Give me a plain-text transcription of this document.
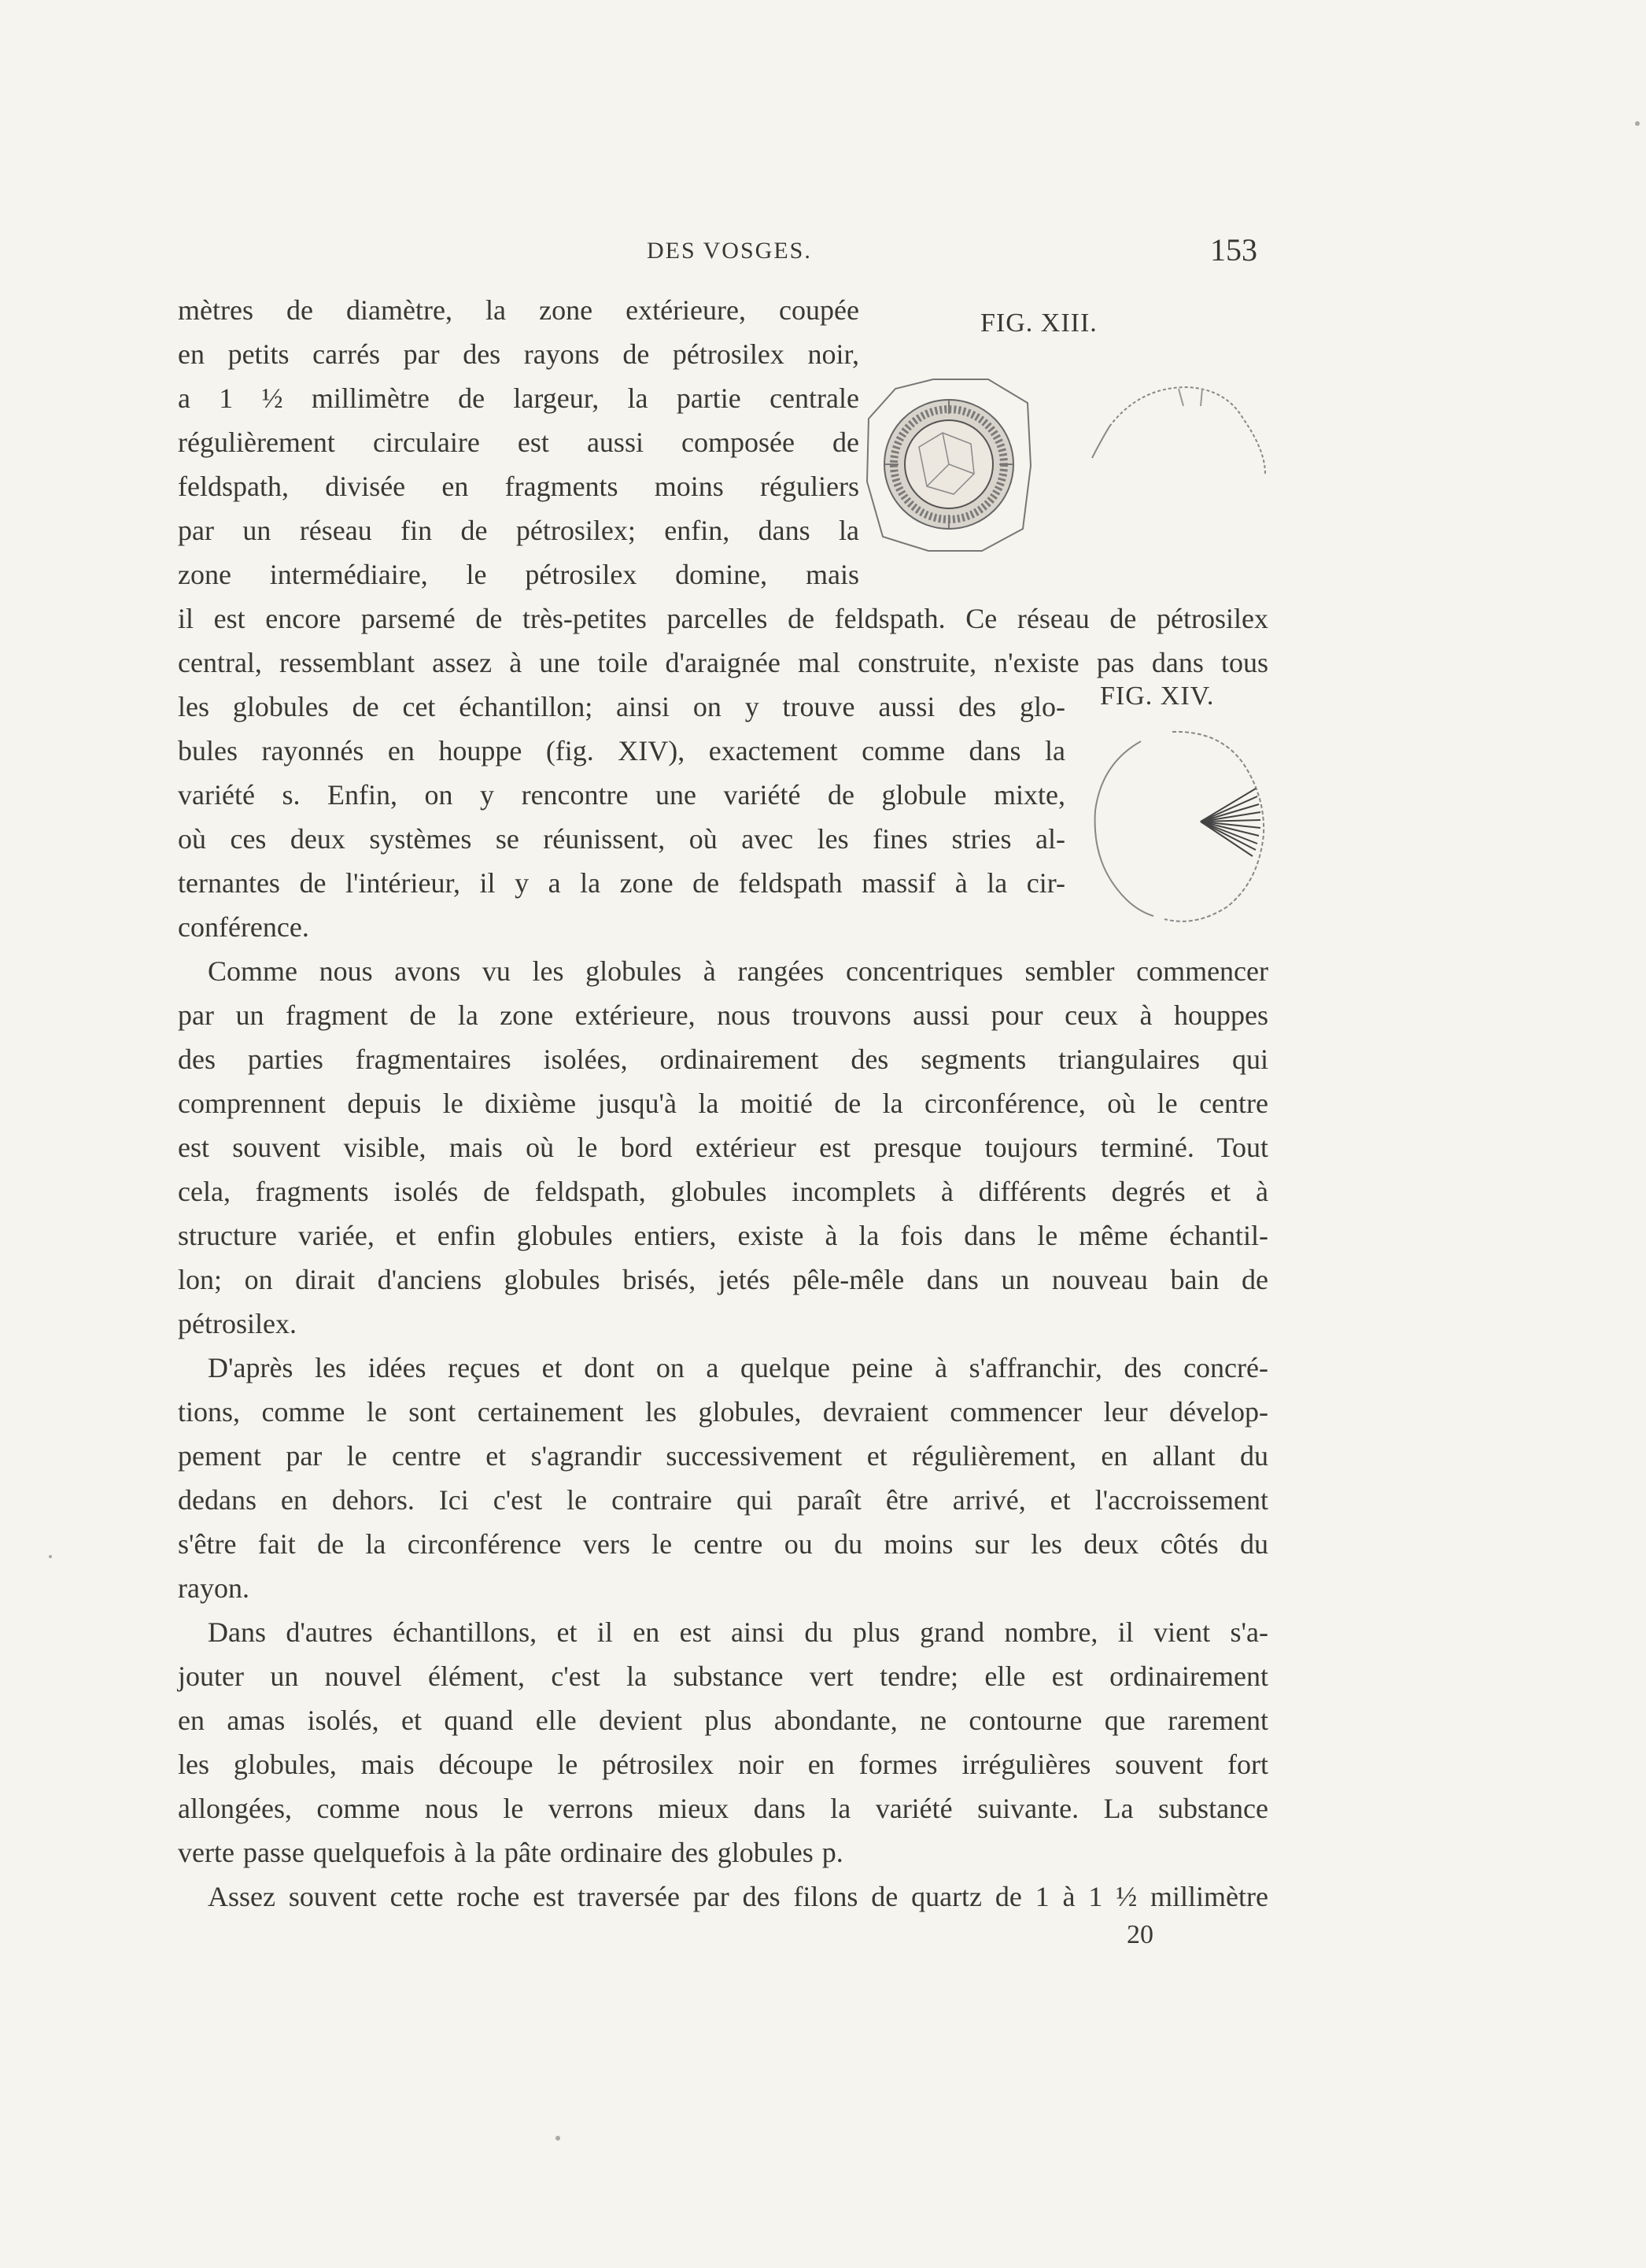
DES VOSGES.	153
FIG. XIII.
FIG. XIV.
mètres de diamètre, la zone extérieure, coupée
en petits carrés par des rayons de pétrosilex noir,
a 1 ½ millimètre de largeur, la partie centrale
régulièrement circulaire est aussi composée de
feldspath, divisée en fragments moins réguliers
par un réseau fin de pétrosilex; enfin, dans la
zone intermédiaire, le pétrosilex domine, mais
il est encore parsemé de très-petites parcelles de feldspath. Ce réseau de pétrosilex
central, ressemblant assez à une toile d'araignée mal construite, n'existe pas dans tous
les globules de cet échantillon; ainsi on y trouve aussi des glo-
bules rayonnés en houppe (fig. XIV), exactement comme dans la
variété s. Enfin, on y rencontre une variété de globule mixte,
où ces deux systèmes se réunissent, où avec les fines stries al-
ternantes de l'intérieur, il y a la zone de feldspath massif à la cir-
conférence.
Comme nous avons vu les globules à rangées concentriques sembler commencer
par un fragment de la zone extérieure, nous trouvons aussi pour ceux à houppes
des parties fragmentaires isolées, ordinairement des segments triangulaires qui
comprennent depuis le dixième jusqu'à la moitié de la circonférence, où le centre
est souvent visible, mais où le bord extérieur est presque toujours terminé. Tout
cela, fragments isolés de feldspath, globules incomplets à différents degrés et à
structure variée, et enfin globules entiers, existe à la fois dans le même échantil-
lon; on dirait d'anciens globules brisés, jetés pêle-mêle dans un nouveau bain de
pétrosilex.
D'après les idées reçues et dont on a quelque peine à s'affranchir, des concré-
tions, comme le sont certainement les globules, devraient commencer leur dévelop-
pement par le centre et s'agrandir successivement et régulièrement, en allant du
dedans en dehors. Ici c'est le contraire qui paraît être arrivé, et l'accroissement
s'être fait de la circonférence vers le centre ou du moins sur les deux côtés du
rayon.
Dans d'autres échantillons, et il en est ainsi du plus grand nombre, il vient s'a-
jouter un nouvel élément, c'est la substance vert tendre; elle est ordinairement
en amas isolés, et quand elle devient plus abondante, ne contourne que rarement
les globules, mais découpe le pétrosilex noir en formes irrégulières souvent fort
allongées, comme nous le verrons mieux dans la variété suivante. La substance
verte passe quelquefois à la pâte ordinaire des globules p.
Assez souvent cette roche est traversée par des filons de quartz de 1 à 1 ½ millimètre
20
